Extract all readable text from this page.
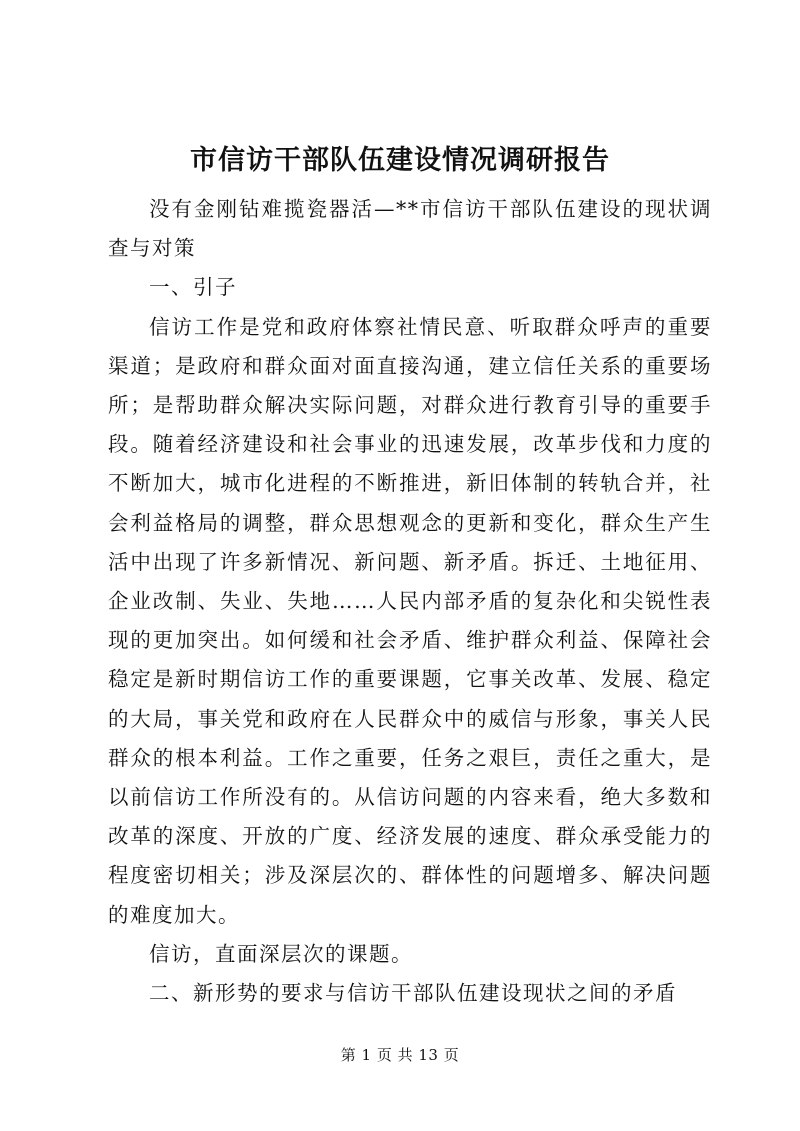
市信访干部队伍建设情况调研报告

没有金刚钻难揽瓷器活—**市信访干部队伍建设的现状调查与对策

一、引子

信访工作是党和政府体察社情民意、听取群众呼声的重要渠道；是政府和群众面对面直接沟通，建立信任关系的重要场所；是帮助群众解决实际问题，对群众进行教育引导的重要手段。随着经济建设和社会事业的迅速发展，改革步伐和力度的不断加大，城市化进程的不断推进，新旧体制的转轨合并，社会利益格局的调整，群众思想观念的更新和变化，群众生产生活中出现了许多新情况、新问题、新矛盾。拆迁、土地征用、企业改制、失业、失地……人民内部矛盾的复杂化和尖锐性表现的更加突出。如何缓和社会矛盾、维护群众利益、保障社会稳定是新时期信访工作的重要课题，它事关改革、发展、稳定的大局，事关党和政府在人民群众中的威信与形象，事关人民群众的根本利益。工作之重要，任务之艰巨，责任之重大，是以前信访工作所没有的。从信访问题的内容来看，绝大多数和改革的深度、开放的广度、经济发展的速度、群众承受能力的程度密切相关；涉及深层次的、群体性的问题增多、解决问题的难度加大。

信访，直面深层次的课题。

二、新形势的要求与信访干部队伍建设现状之间的矛盾

第 1 页 共 13 页
